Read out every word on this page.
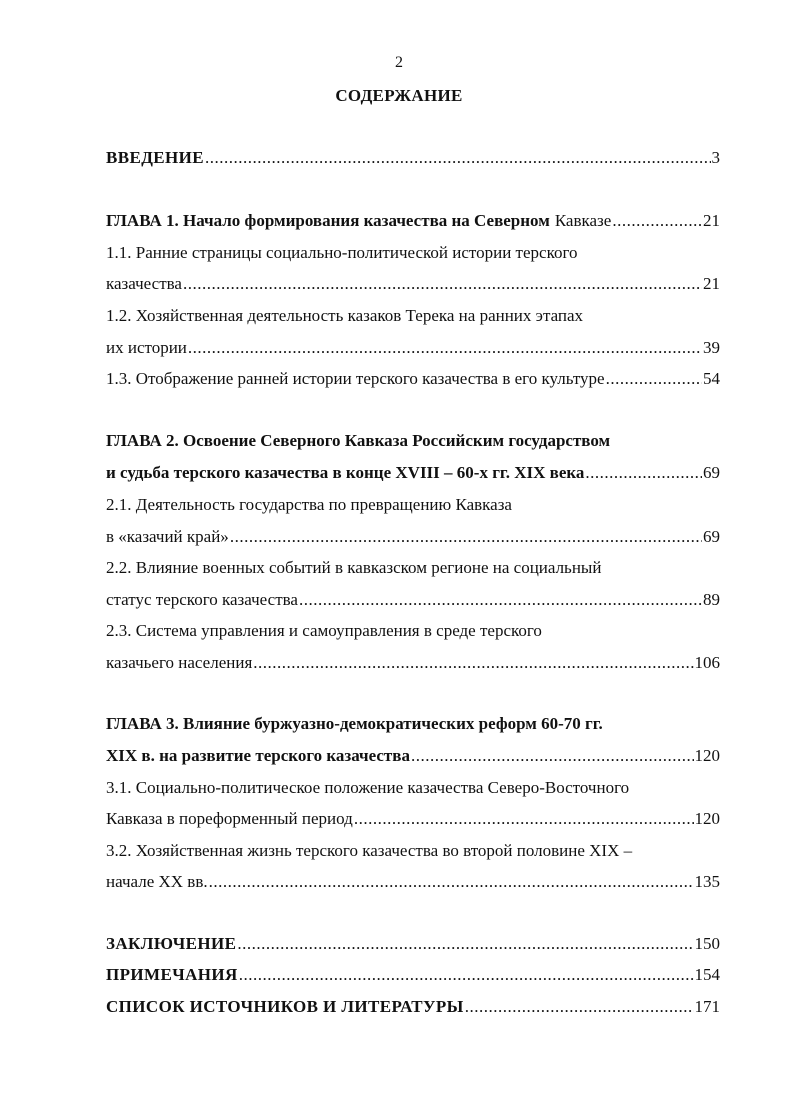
2
СОДЕРЖАНИЕ
ВВЕДЕНИЕ .....	3
ГЛАВА 1. Начало формирования казачества на Северном Кавказе .....	21
1.1. Ранние страницы социально-политической истории терского
казачества .....	21
1.2. Хозяйственная деятельность казаков Терека на ранних этапах
их истории .....	39
1.3. Отображение ранней истории терского казачества в его культуре .....	54
ГЛАВА 2. Освоение Северного Кавказа Российским государством
и судьба терского казачества в конце XVIII – 60-х гг. XIX века .....	69
2.1. Деятельность государства по превращению Кавказа
в «казачий край» .....	69
2.2. Влияние военных событий в кавказском регионе на социальный
статус терского казачества .....	89
2.3. Система управления и самоуправления в среде терского
казачьего населения .....	106
ГЛАВА 3. Влияние буржуазно-демократических реформ 60-70 гг.
XIX в. на развитие терского казачества .....	120
3.1. Социально-политическое положение казачества Северо-Восточного
Кавказа в пореформенный период .....	120
3.2. Хозяйственная жизнь терского казачества во второй половине XIX –
начале XX вв. .....	135
ЗАКЛЮЧЕНИЕ .....	150
ПРИМЕЧАНИЯ .....	154
СПИСОК ИСТОЧНИКОВ И ЛИТЕРАТУРЫ .....	171
